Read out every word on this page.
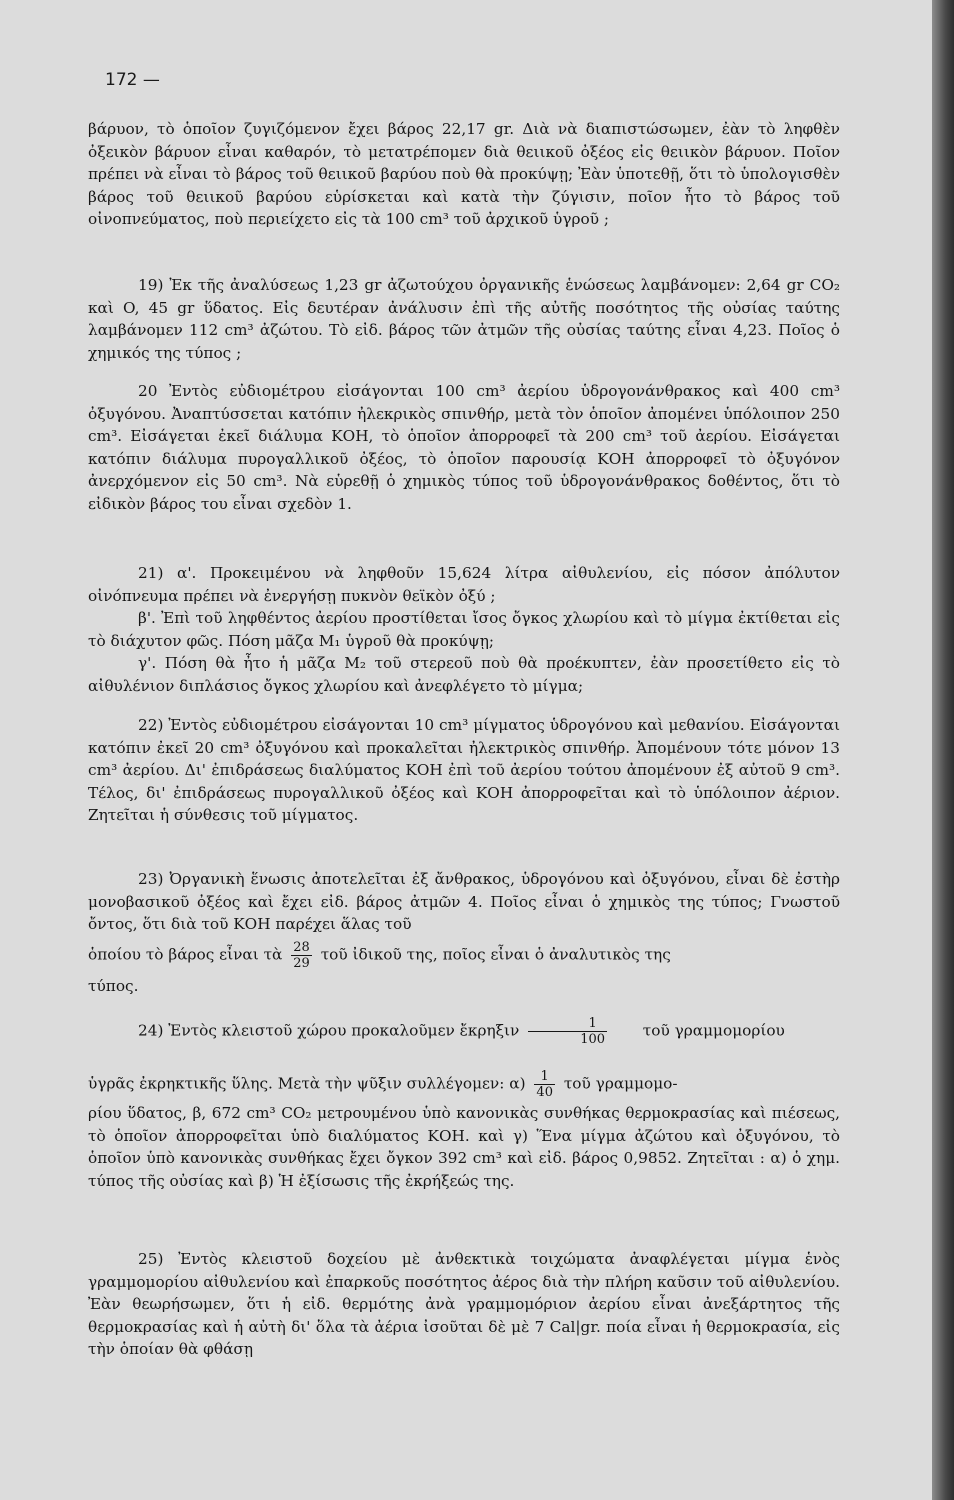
172 —

βάρυον, τὸ ὁποῖον ζυγιζόμενον ἔχει βάρος 22,17 gr. Διὰ νὰ διαπιστώσωμεν, ἐὰν τὸ ληφθὲν ὀξεικὸν βάρυον εἶναι καθαρόν, τὸ μετατρέπομεν διὰ θειικοῦ ὀξέος εἰς θειικὸν βάρυον. Ποῖον πρέπει νὰ εἶναι τὸ βάρος τοῦ θειικοῦ βαρύου ποὺ θὰ προκύψῃ; Ἐὰν ὑποτεθῇ, ὅτι τὸ ὑπολογισθὲν βάρος τοῦ θειικοῦ βαρύου εὑρίσκεται καὶ κατὰ τὴν ζύγισιν, ποῖον ἦτο τὸ βάρος τοῦ οἰνοπνεύματος, ποὺ περιείχετο εἰς τὰ 100 cm³ τοῦ ἀρχικοῦ ὑγροῦ ;

19) Ἐκ τῆς ἀναλύσεως 1,23 gr ἀζωτούχου ὀργανικῆς ἑνώσεως λαμβάνομεν: 2,64 gr CO₂ καὶ O, 45 gr ὕδατος. Εἰς δευτέραν ἀνάλυσιν ἐπὶ τῆς αὐτῆς ποσότητος τῆς οὐσίας ταύτης λαμβάνομεν 112 cm³ ἀζώτου. Τὸ εἰδ. βάρος τῶν ἀτμῶν τῆς οὐσίας ταύτης εἶναι 4,23. Ποῖος ὁ χημικός της τύπος ;

20 Ἐντὸς εὐδιομέτρου εἰσάγονται 100 cm³ ἀερίου ὑδρογονάνθρακος καὶ 400 cm³ ὀξυγόνου. Ἀναπτύσσεται κατόπιν ἠλεκρικὸς σπινθήρ, μετὰ τὸν ὁποῖον ἀπομένει ὑπόλοιπον 250 cm³. Εἰσάγεται ἐκεῖ διάλυμα ΚΟΗ, τὸ ὁποῖον ἀπορροφεῖ τὰ 200 cm³ τοῦ ἀερίου. Εἰσάγεται κατόπιν διάλυμα πυρογαλλικοῦ ὀξέος, τὸ ὁποῖον παρουσίᾳ ΚΟΗ ἀπορροφεῖ τὸ ὀξυγόνον ἀνερχόμενον εἰς 50 cm³. Νὰ εὑρεθῇ ὁ χημικὸς τύπος τοῦ ὑδρογονάνθρακος δοθέντος, ὅτι τὸ εἰδικὸν βάρος του εἶναι σχεδὸν 1.

21) α'. Προκειμένου νὰ ληφθοῦν 15,624 λίτρα αἰθυλενίου, εἰς πόσον ἀπόλυτον οἰνόπνευμα πρέπει νὰ ἐνεργήσῃ πυκνὸν θεϊκὸν ὀξύ ;

β'. Ἐπὶ τοῦ ληφθέντος ἀερίου προστίθεται ἴσος ὄγκος χλωρίου καὶ τὸ μίγμα ἐκτίθεται εἰς τὸ διάχυτον φῶς. Πόση μᾶζα M₁ ὑγροῦ θὰ προκύψῃ;

γ'. Πόση θὰ ἦτο ἡ μᾶζα M₂ τοῦ στερεοῦ ποὺ θὰ προέκυπτεν, ἐὰν προσετίθετο εἰς τὸ αἰθυλένιον διπλάσιος ὄγκος χλωρίου καὶ ἀνεφλέγετο τὸ μίγμα;

22) Ἐντὸς εὐδιομέτρου εἰσάγονται 10 cm³ μίγματος ὑδρογόνου καὶ μεθανίου. Εἰσάγονται κατόπιν ἐκεῖ 20 cm³ ὀξυγόνου καὶ προκαλεῖται ἠλεκτρικὸς σπινθήρ. Ἀπομένουν τότε μόνον 13 cm³ ἀερίου. Δι' ἐπιδράσεως διαλύματος ΚΟΗ ἐπὶ τοῦ ἀερίου τούτου ἀπομένουν ἐξ αὐτοῦ 9 cm³. Τέλος, δι' ἐπιδράσεως πυρογαλλικοῦ ὀξέος καὶ ΚΟΗ ἀπορροφεῖται καὶ τὸ ὑπόλοιπον ἀέριον. Ζητεῖται ἡ σύνθεσις τοῦ μίγματος.

23) Ὀργανικὴ ἕνωσις ἀποτελεῖται ἐξ ἄνθρακος, ὑδρογόνου καὶ ὀξυγόνου, εἶναι δὲ ἐστὴρ μονοβασικοῦ ὀξέος καὶ ἔχει εἰδ. βάρος ἀτμῶν 4. Ποῖος εἶναι ὁ χημικὸς της τύπος; Γνωστοῦ ὄντος, ὅτι διὰ τοῦ ΚΟΗ παρέχει ἅλας τοῦ

ὁποίου τὸ βάρος εἶναι τὰ $\frac{28}{29}$ τοῦ ἰδικοῦ της, ποῖος εἶναι ὁ ἀναλυτικὸς της

τύπος.

24) Ἐντὸς κλειστοῦ χώρου προκαλοῦμεν ἔκρηξιν $\frac{1}{100}$ τοῦ γραμμομορίου

ὑγρᾶς ἐκρηκτικῆς ὕλης. Μετὰ τὴν ψῦξιν συλλέγομεν: $\alpha) \frac{1}{40}$ τοῦ γραμμομο-

ρίου ὕδατος, β, 672 cm³ CO₂ μετρουμένου ὑπὸ κανονικὰς συνθήκας θερμοκρασίας καὶ πιέσεως, τὸ ὁποῖον ἀπορροφεῖται ὑπὸ διαλύματος ΚΟΗ. καὶ γ) Ἕνα μίγμα ἀζώτου καὶ ὀξυγόνου, τὸ ὁποῖον ὑπὸ κανονικὰς συνθήκας ἔχει ὄγκον 392 cm³ καὶ εἰδ. βάρος 0,9852. Ζητεῖται : α) ὁ χημ. τύπος τῆς οὐσίας καὶ β) Ἡ ἐξίσωσις τῆς ἐκρήξεώς της.

25) Ἐντὸς κλειστοῦ δοχείου μὲ ἀνθεκτικὰ τοιχώματα ἀναφλέγεται μίγμα ἑνὸς γραμμομορίου αἰθυλενίου καὶ ἐπαρκοῦς ποσότητος ἀέρος διὰ τὴν πλήρη καῦσιν τοῦ αἰθυλενίου. Ἐὰν θεωρήσωμεν, ὅτι ἡ εἰδ. θερμότης ἀνὰ γραμμομόριον ἀερίου εἶναι ἀνεξάρτητος τῆς θερμοκρασίας καὶ ἡ αὐτὴ δι' ὅλα τὰ ἀέρια ἰσοῦται δὲ μὲ 7 Cal|gr. ποία εἶναι ἡ θερμοκρασία, εἰς τὴν ὁποίαν θὰ φθάσῃ
